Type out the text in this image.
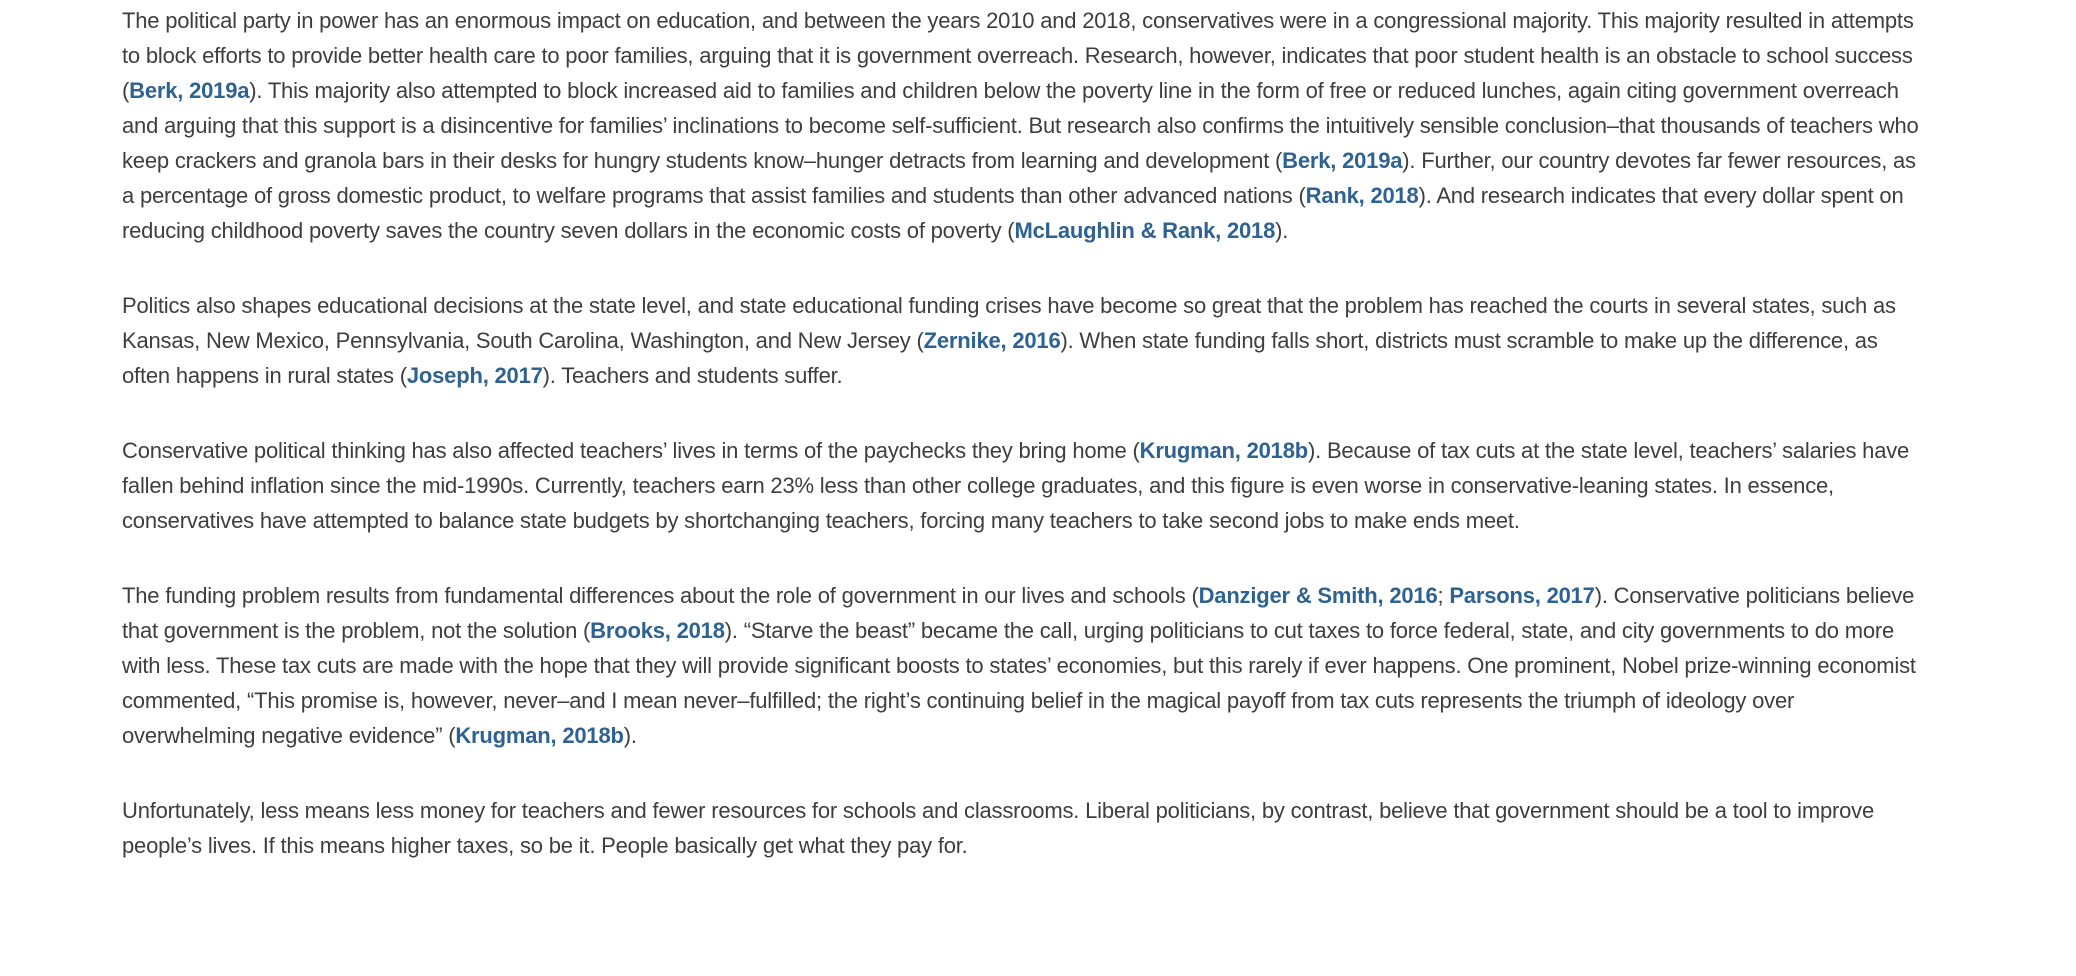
The political party in power has an enormous impact on education, and between the years 2010 and 2018, conservatives were in a congressional majority. This majority resulted in attempts to block efforts to provide better health care to poor families, arguing that it is government overreach. Research, however, indicates that poor student health is an obstacle to school success (Berk, 2019a). This majority also attempted to block increased aid to families and children below the poverty line in the form of free or reduced lunches, again citing government overreach and arguing that this support is a disincentive for families’ inclinations to become self-sufficient. But research also confirms the intuitively sensible conclusion–that thousands of teachers who keep crackers and granola bars in their desks for hungry students know–hunger detracts from learning and development (Berk, 2019a). Further, our country devotes far fewer resources, as a percentage of gross domestic product, to welfare programs that assist families and students than other advanced nations (Rank, 2018). And research indicates that every dollar spent on reducing childhood poverty saves the country seven dollars in the economic costs of poverty (McLaughlin & Rank, 2018).

Politics also shapes educational decisions at the state level, and state educational funding crises have become so great that the problem has reached the courts in several states, such as Kansas, New Mexico, Pennsylvania, South Carolina, Washington, and New Jersey (Zernike, 2016). When state funding falls short, districts must scramble to make up the difference, as often happens in rural states (Joseph, 2017). Teachers and students suffer.

Conservative political thinking has also affected teachers’ lives in terms of the paychecks they bring home (Krugman, 2018b). Because of tax cuts at the state level, teachers’ salaries have fallen behind inflation since the mid-1990s. Currently, teachers earn 23% less than other college graduates, and this figure is even worse in conservative-leaning states. In essence, conservatives have attempted to balance state budgets by shortchanging teachers, forcing many teachers to take second jobs to make ends meet.

The funding problem results from fundamental differences about the role of government in our lives and schools (Danziger & Smith, 2016; Parsons, 2017). Conservative politicians believe that government is the problem, not the solution (Brooks, 2018). “Starve the beast” became the call, urging politicians to cut taxes to force federal, state, and city governments to do more with less. These tax cuts are made with the hope that they will provide significant boosts to states’ economies, but this rarely if ever happens. One prominent, Nobel prize-winning economist commented, “This promise is, however, never–and I mean never–fulfilled; the right’s continuing belief in the magical payoff from tax cuts represents the triumph of ideology over overwhelming negative evidence” (Krugman, 2018b).

Unfortunately, less means less money for teachers and fewer resources for schools and classrooms. Liberal politicians, by contrast, believe that government should be a tool to improve people’s lives. If this means higher taxes, so be it. People basically get what they pay for.
